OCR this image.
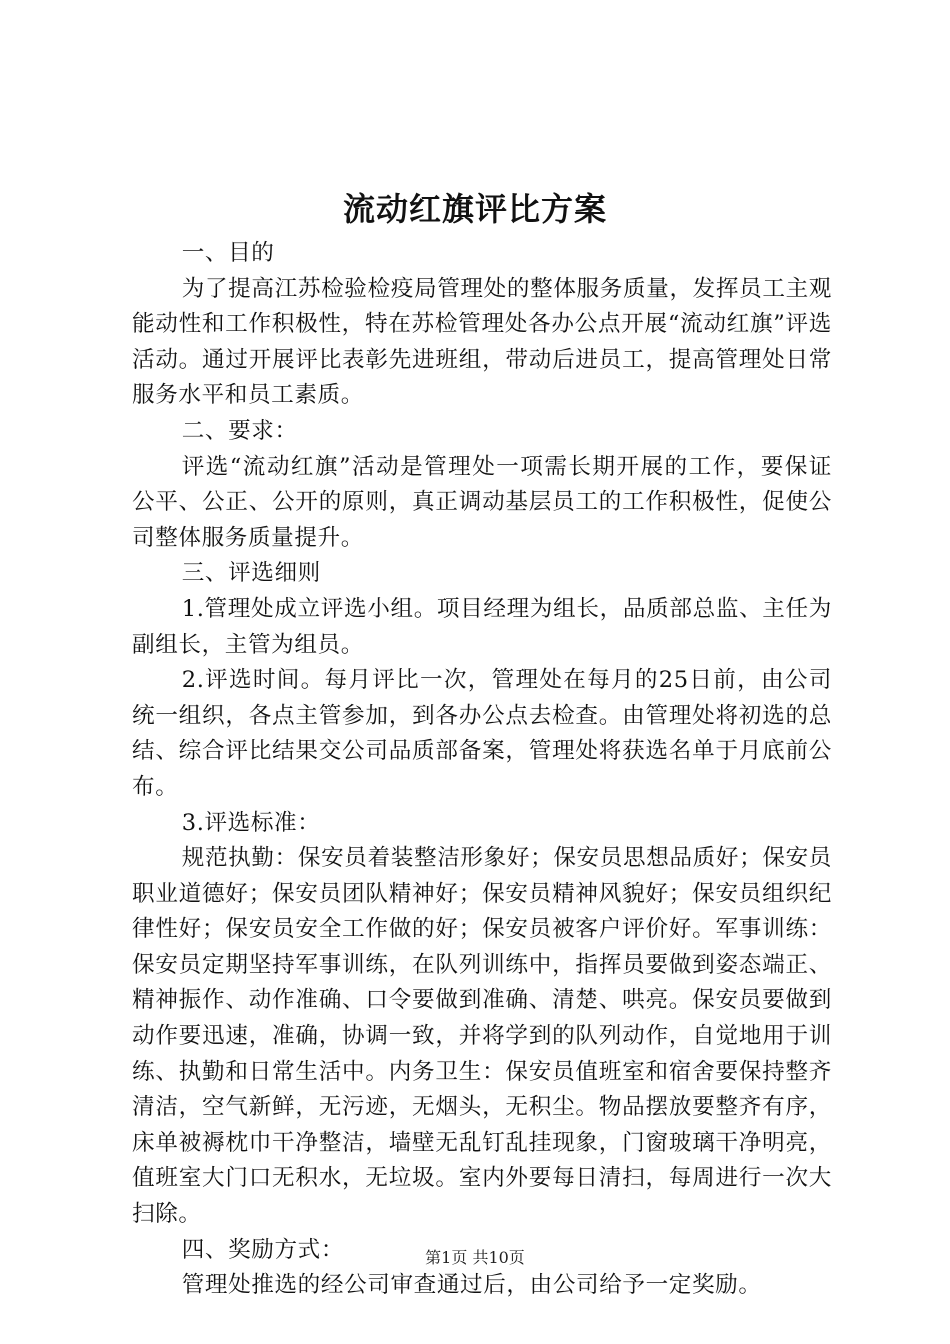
流动红旗评比方案

一、目的

为了提高江苏检验检疫局管理处的整体服务质量，发挥员工主观能动性和工作积极性，特在苏检管理处各办公点开展“流动红旗”评选活动。通过开展评比表彰先进班组，带动后进员工，提高管理处日常服务水平和员工素质。

二、要求：

评选“流动红旗”活动是管理处一项需长期开展的工作，要保证公平、公正、公开的原则，真正调动基层员工的工作积极性，促使公司整体服务质量提升。

三、评选细则

1.管理处成立评选小组。项目经理为组长，品质部总监、主任为副组长，主管为组员。

2.评选时间。每月评比一次，管理处在每月的25日前，由公司统一组织，各点主管参加，到各办公点去检查。由管理处将初选的总结、综合评比结果交公司品质部备案，管理处将获选名单于月底前公布。

3.评选标准：

规范执勤：保安员着装整洁形象好；保安员思想品质好；保安员职业道德好；保安员团队精神好；保安员精神风貌好；保安员组织纪律性好；保安员安全工作做的好；保安员被客户评价好。军事训练：保安员定期坚持军事训练，在队列训练中，指挥员要做到姿态端正、精神振作、动作准确、口令要做到准确、清楚、哄亮。保安员要做到动作要迅速，准确，协调一致，并将学到的队列动作，自觉地用于训练、执勤和日常生活中。内务卫生：保安员值班室和宿舍要保持整齐清洁，空气新鲜，无污迹，无烟头，无积尘。物品摆放要整齐有序，床单被褥枕巾干净整洁，墙壁无乱钉乱挂现象，门窗玻璃干净明亮，值班室大门口无积水，无垃圾。室内外要每日清扫，每周进行一次大扫除。

四、奖励方式：

管理处推选的经公司审查通过后，由公司给予一定奖励。

第1页 共10页
